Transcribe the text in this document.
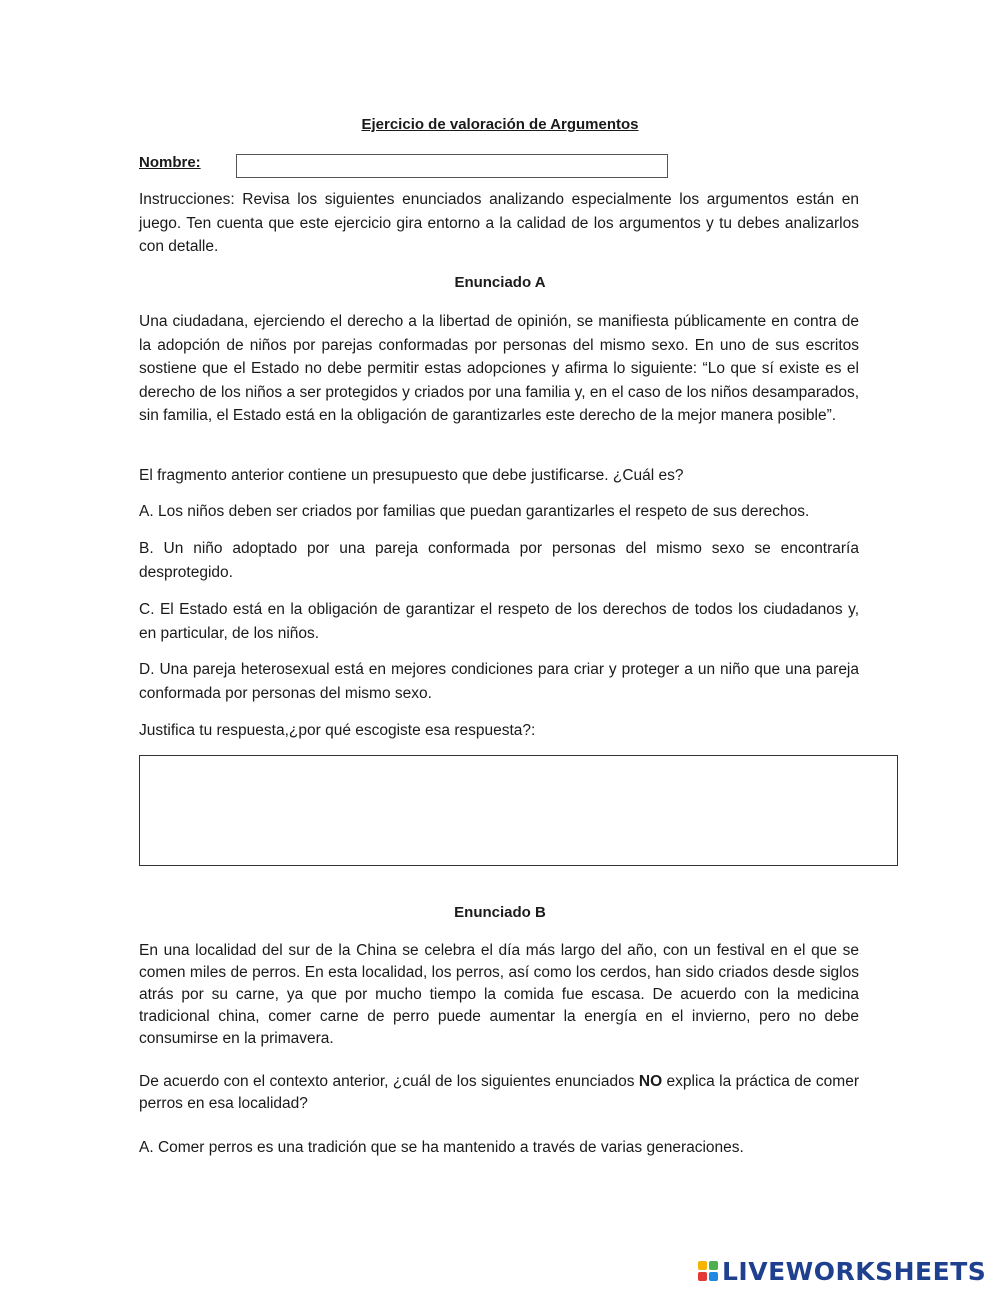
Ejercicio de valoración de Argumentos
Nombre:

Instrucciones: Revisa los siguientes enunciados analizando especialmente los argumentos están en juego. Ten cuenta que este ejercicio gira entorno a la calidad de los argumentos y tu debes analizarlos con detalle.

Enunciado A

Una ciudadana, ejerciendo el derecho a la libertad de opinión, se manifiesta públicamente en contra de la adopción de niños por parejas conformadas por personas del mismo sexo. En uno de sus escritos sostiene que el Estado no debe permitir estas adopciones y afirma lo siguiente: “Lo que sí existe es el derecho de los niños a ser protegidos y criados por una familia y, en el caso de los niños desamparados, sin familia, el Estado está en la obligación de garantizarles este derecho de la mejor manera posible”.

El fragmento anterior contiene un presupuesto que debe justificarse. ¿Cuál es?

A. Los niños deben ser criados por familias que puedan garantizarles el respeto de sus derechos.

B. Un niño adoptado por una pareja conformada por personas del mismo sexo se encontraría desprotegido.

C. El Estado está en la obligación de garantizar el respeto de los derechos de todos los ciudadanos y, en particular, de los niños.

D. Una pareja heterosexual está en mejores condiciones para criar y proteger a un niño que una pareja conformada por personas del mismo sexo.

Justifica tu respuesta,¿por qué escogiste esa respuesta?:

Enunciado B

En una localidad del sur de la China se celebra el día más largo del año, con un festival en el que se comen miles de perros. En esta localidad, los perros, así como los cerdos, han sido criados desde siglos atrás por su carne, ya que por mucho tiempo la comida fue escasa. De acuerdo con la medicina tradicional china, comer carne de perro puede aumentar la energía en el invierno, pero no debe consumirse en la primavera.

De acuerdo con el contexto anterior, ¿cuál de los siguientes enunciados NO explica la práctica de comer perros en esa localidad?

A. Comer perros es una tradición que se ha mantenido a través de varias generaciones.

LIVEWORKSHEETS
